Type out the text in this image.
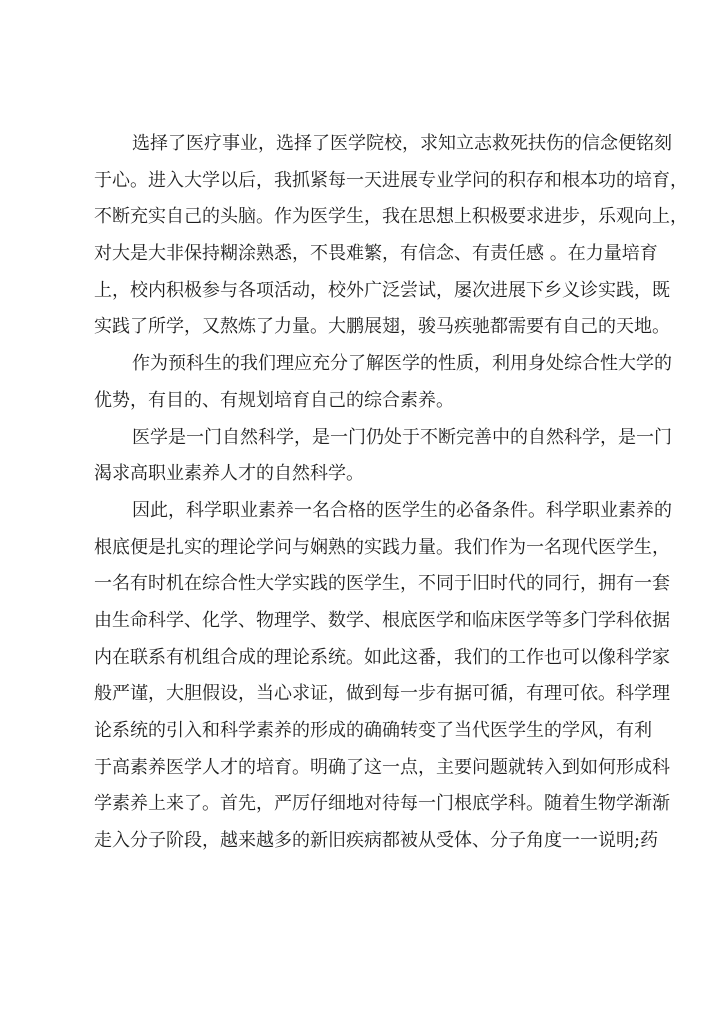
选择了医疗事业，选择了医学院校，求知立志救死扶伤的信念便铭刻
于心。进入大学以后，我抓紧每一天进展专业学问的积存和根本功的培育，
不断充实自己的头脑。作为医学生，我在思想上积极要求进步，乐观向上，
对大是大非保持糊涂熟悉，不畏难繁，有信念、有责任感 。在力量培育
上，校内积极参与各项活动，校外广泛尝试，屡次进展下乡义诊实践，既
实践了所学，又熬炼了力量。大鹏展翅，骏马疾驰都需要有自己的天地。
作为预科生的我们理应充分了解医学的性质，利用身处综合性大学的
优势，有目的、有规划培育自己的综合素养。
医学是一门自然科学，是一门仍处于不断完善中的自然科学，是一门
渴求高职业素养人才的自然科学。
因此，科学职业素养一名合格的医学生的必备条件。科学职业素养的
根底便是扎实的理论学问与娴熟的实践力量。我们作为一名现代医学生，
一名有时机在综合性大学实践的医学生，不同于旧时代的同行，拥有一套
由生命科学、化学、物理学、数学、根底医学和临床医学等多门学科依据
内在联系有机组合成的理论系统。如此这番，我们的工作也可以像科学家
般严谨，大胆假设，当心求证，做到每一步有据可循，有理可依。科学理
论系统的引入和科学素养的形成的确确转变了当代医学生的学风，有利
于高素养医学人才的培育。明确了这一点，主要问题就转入到如何形成科
学素养上来了。首先，严厉仔细地对待每一门根底学科。随着生物学渐渐
走入分子阶段，越来越多的新旧疾病都被从受体、分子角度一一说明;药
